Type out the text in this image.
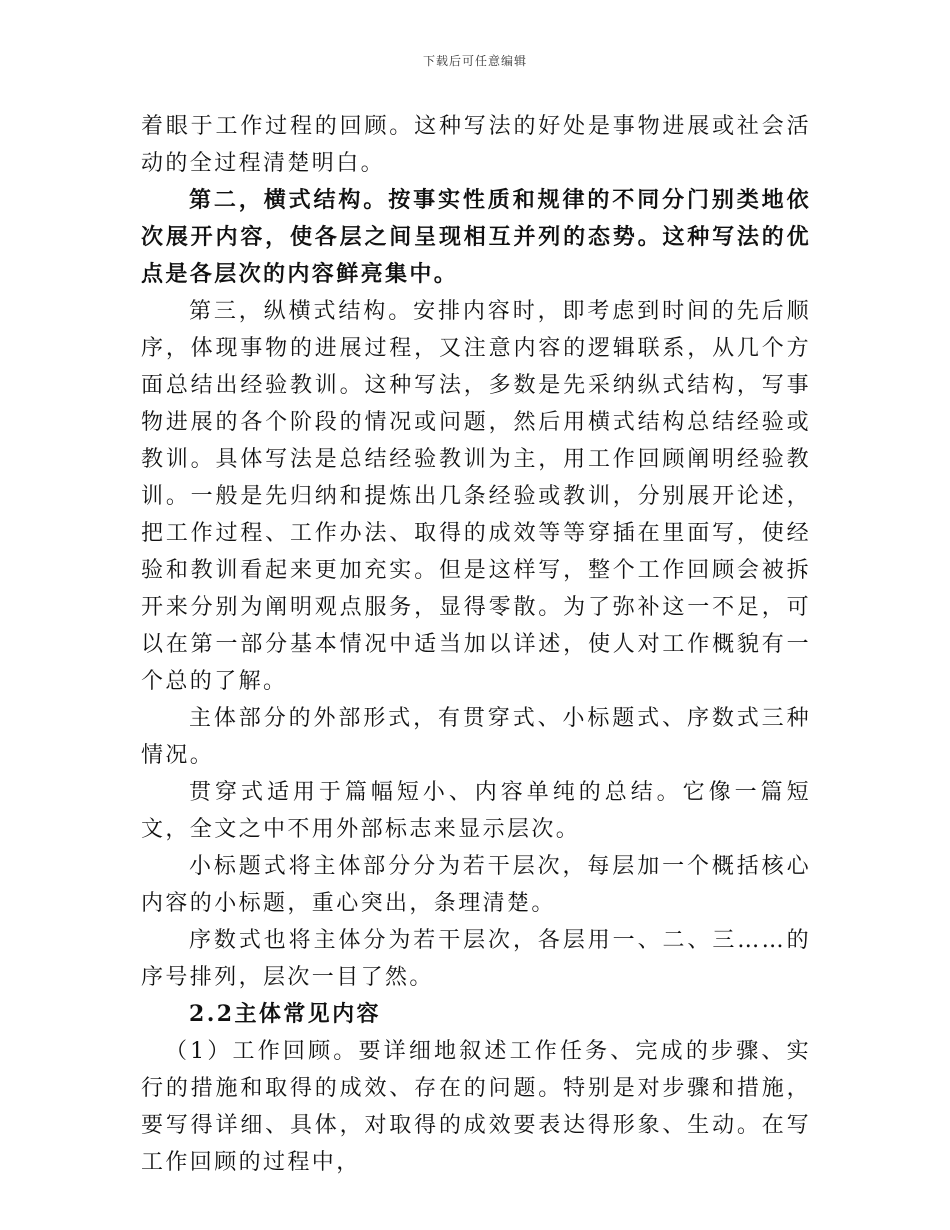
下载后可任意编辑

着眼于工作过程的回顾。这种写法的好处是事物进展或社会活动的全过程清楚明白。

第二，横式结构。按事实性质和规律的不同分门别类地依次展开内容，使各层之间呈现相互并列的态势。这种写法的优点是各层次的内容鲜亮集中。

第三，纵横式结构。安排内容时，即考虑到时间的先后顺序，体现事物的进展过程，又注意内容的逻辑联系，从几个方面总结出经验教训。这种写法，多数是先采纳纵式结构，写事物进展的各个阶段的情况或问题，然后用横式结构总结经验或教训。具体写法是总结经验教训为主，用工作回顾阐明经验教训。一般是先归纳和提炼出几条经验或教训，分别展开论述，把工作过程、工作办法、取得的成效等等穿插在里面写，使经验和教训看起来更加充实。但是这样写，整个工作回顾会被拆开来分别为阐明观点服务，显得零散。为了弥补这一不足，可以在第一部分基本情况中适当加以详述，使人对工作概貌有一个总的了解。

主体部分的外部形式，有贯穿式、小标题式、序数式三种情况。

贯穿式适用于篇幅短小、内容单纯的总结。它像一篇短文，全文之中不用外部标志来显示层次。

小标题式将主体部分分为若干层次，每层加一个概括核心内容的小标题，重心突出，条理清楚。

序数式也将主体分为若干层次，各层用一、二、三……的序号排列，层次一目了然。

2.2主体常见内容

（1）工作回顾。要详细地叙述工作任务、完成的步骤、实行的措施和取得的成效、存在的问题。特别是对步骤和措施，要写得详细、具体，对取得的成效要表达得形象、生动。在写工作回顾的过程中，
